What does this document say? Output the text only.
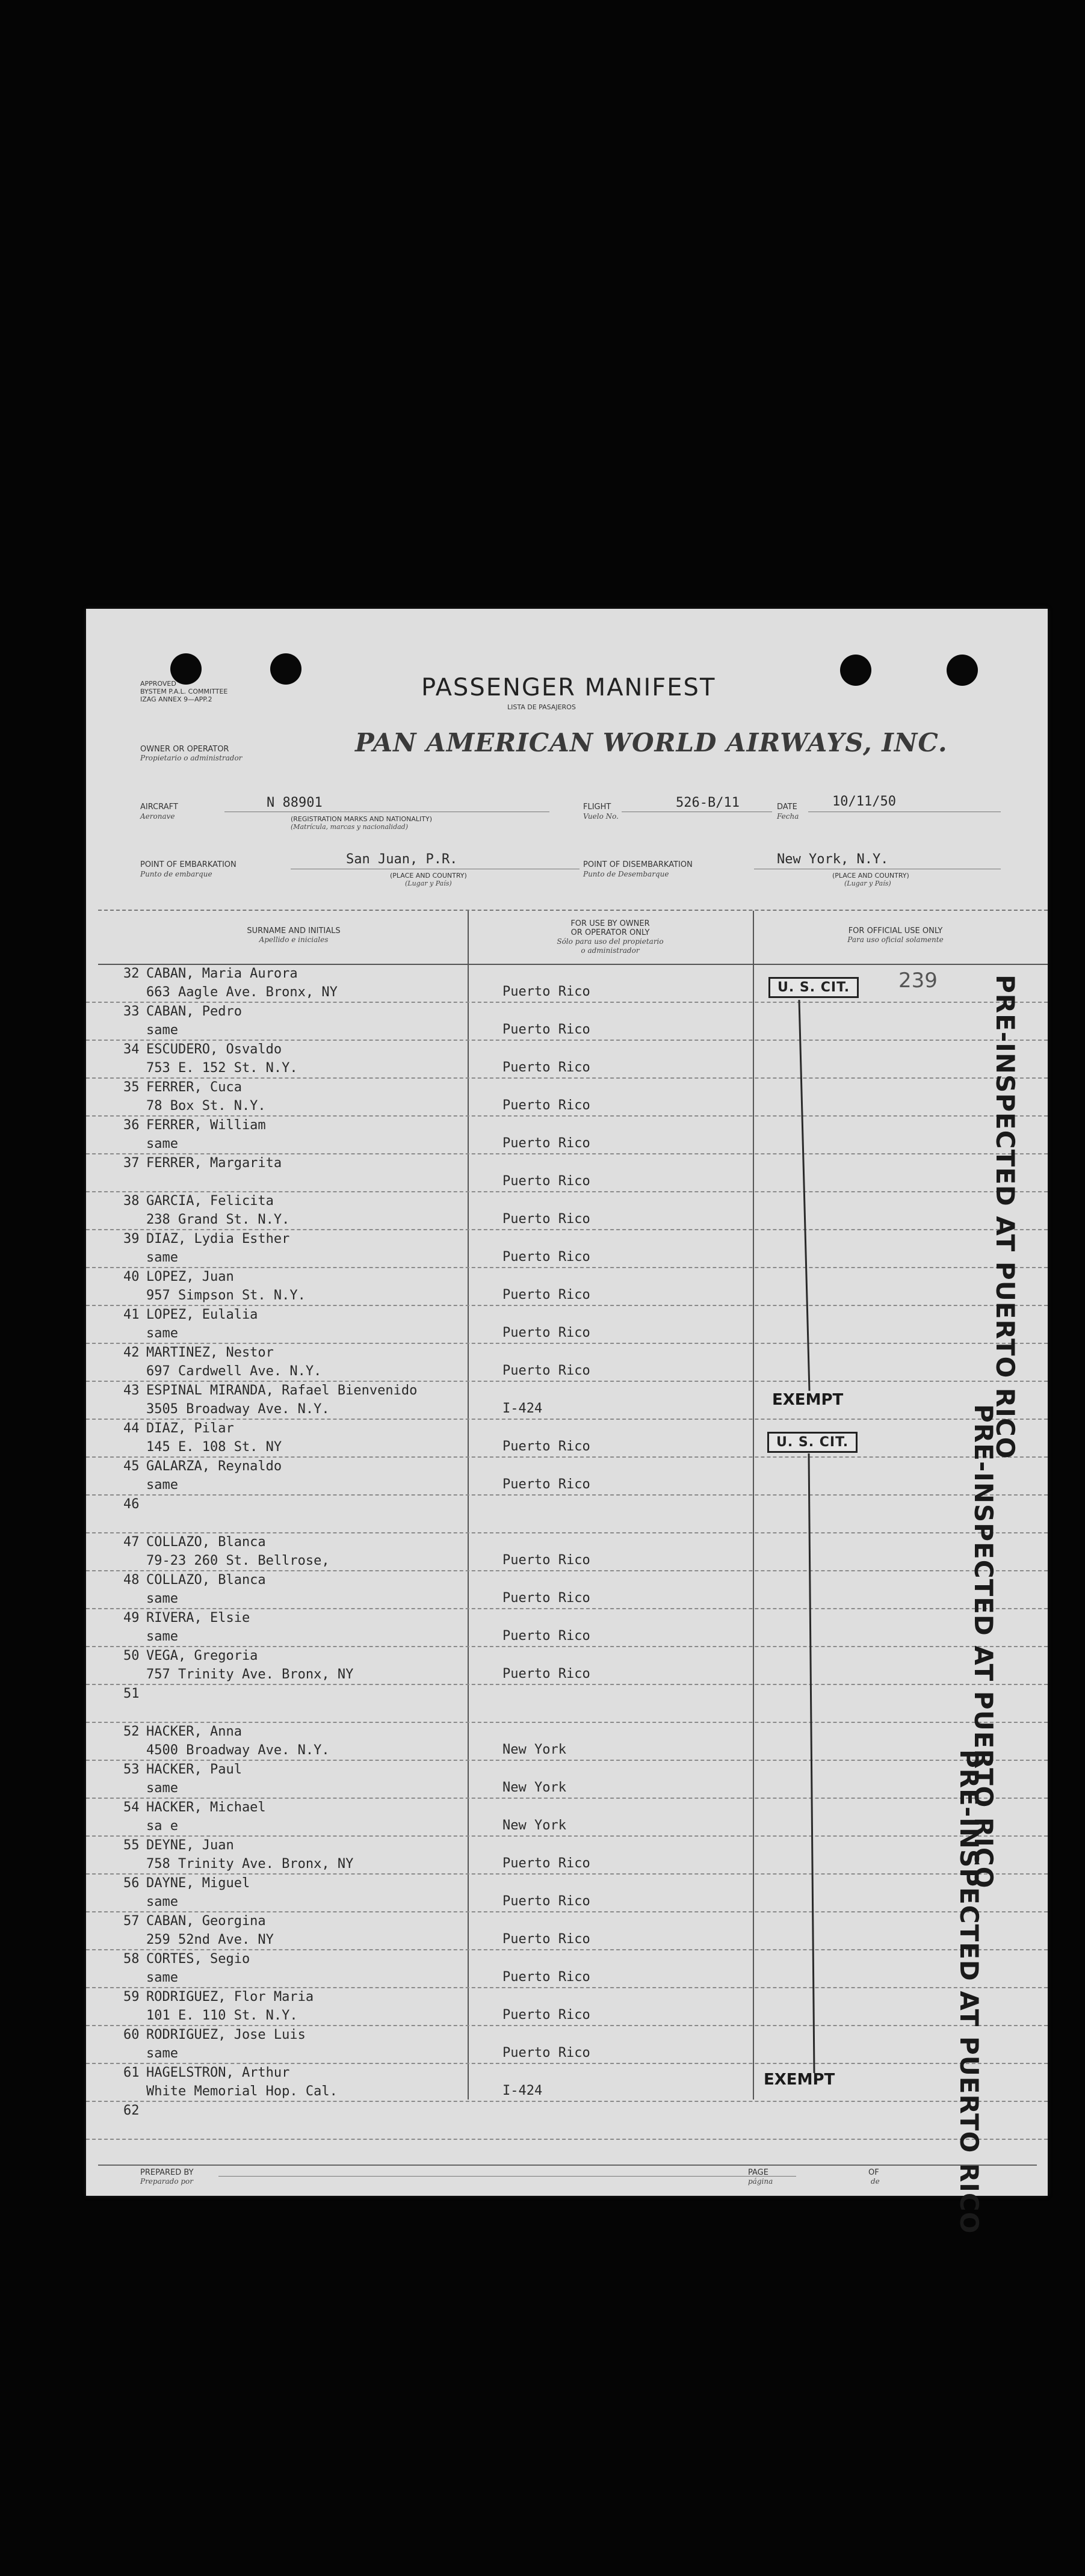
APPROVED
BYSTEM P.A.L. COMMITTEE
IZAG ANNEX 9—APP.2	PASSENGER MANIFEST
LISTA DE PASAJEROS
OWNER OR OPERATOR
Propietario o administrador
PAN AMERICAN WORLD AIRWAYS, INC.
AIRCRAFT
Aeronave
N 88901
(REGISTRATION MARKS AND NATIONALITY)
(Matrícula, marcas y nacionalidad)
FLIGHT
Vuelo No.
526-B/11	DATE
Fecha
10/11/50
POINT OF EMBARKATION
Punto de embarque
San Juan, P.R.
(PLACE AND COUNTRY)
(Lugar y País)
POINT OF DISEMBARKATION
Punto de Desembarque
New York, N.Y.
(PLACE AND COUNTRY)
(Lugar y País)
SURNAME AND INITIALS
Apellido e iniciales
FOR USE BY OWNER
OR OPERATOR ONLY
Sólo para uso del propietario
o administrador
FOR OFFICIAL USE ONLY
Para uso oficial solamente
32 CABAN, Maria Aurora
663 Aagle Ave. Bronx, NY	Puerto Rico
33 CABAN, Pedro
same	Puerto Rico
34 ESCUDERO, Osvaldo
753 E. 152 St. N.Y.	Puerto Rico
35 FERRER, Cuca
78 Box St. N.Y.	Puerto Rico
36 FERRER, William
same	Puerto Rico
37 FERRER, Margarita
Puerto Rico
38 GARCIA, Felicita
238 Grand St. N.Y.	Puerto Rico
39 DIAZ, Lydia Esther
same	Puerto Rico
40 LOPEZ, Juan
957 Simpson St. N.Y.	Puerto Rico
41 LOPEZ, Eulalia
same	Puerto Rico
42 MARTINEZ, Nestor
697 Cardwell Ave. N.Y.	Puerto Rico
43 ESPINAL MIRANDA, Rafael Bienvenido
3505 Broadway Ave. N.Y.	I-424
44 DIAZ, Pilar
145 E. 108 St. NY	Puerto Rico
45 GALARZA, Reynaldo
same	Puerto Rico
46
47 COLLAZO, Blanca
79-23 260 St. Bellrose,	Puerto Rico
48 COLLAZO, Blanca
same	Puerto Rico
49 RIVERA, Elsie
same	Puerto Rico
50 VEGA, Gregoria
757 Trinity Ave. Bronx, NY	Puerto Rico
51
52 HACKER, Anna
4500 Broadway Ave. N.Y.	New York
53 HACKER, Paul
same	New York
54 HACKER, Michael
sa e	New York
55 DEYNE, Juan
758 Trinity Ave. Bronx, NY	Puerto Rico
56 DAYNE, Miguel
same	Puerto Rico
57 CABAN, Georgina
259 52nd Ave. NY	Puerto Rico
58 CORTES, Segio
same	Puerto Rico
59 RODRIGUEZ, Flor Maria
101 E. 110 St. N.Y.	Puerto Rico
60 RODRIGUEZ, Jose Luis
same	Puerto Rico
61 HAGELSTRON, Arthur
White Memorial Hop. Cal.	I-424
62
239
U. S. CIT.
EXEMPT
U. S. CIT.
EXEMPT
PRE-INSPECTED AT PUERTO RICO
PRE-INSPECTED AT PUERTO RICO
PRE-INSPECTED AT PUERTO RICO
PREPARED BY
Preparado por
PAGE
página
OF
de
